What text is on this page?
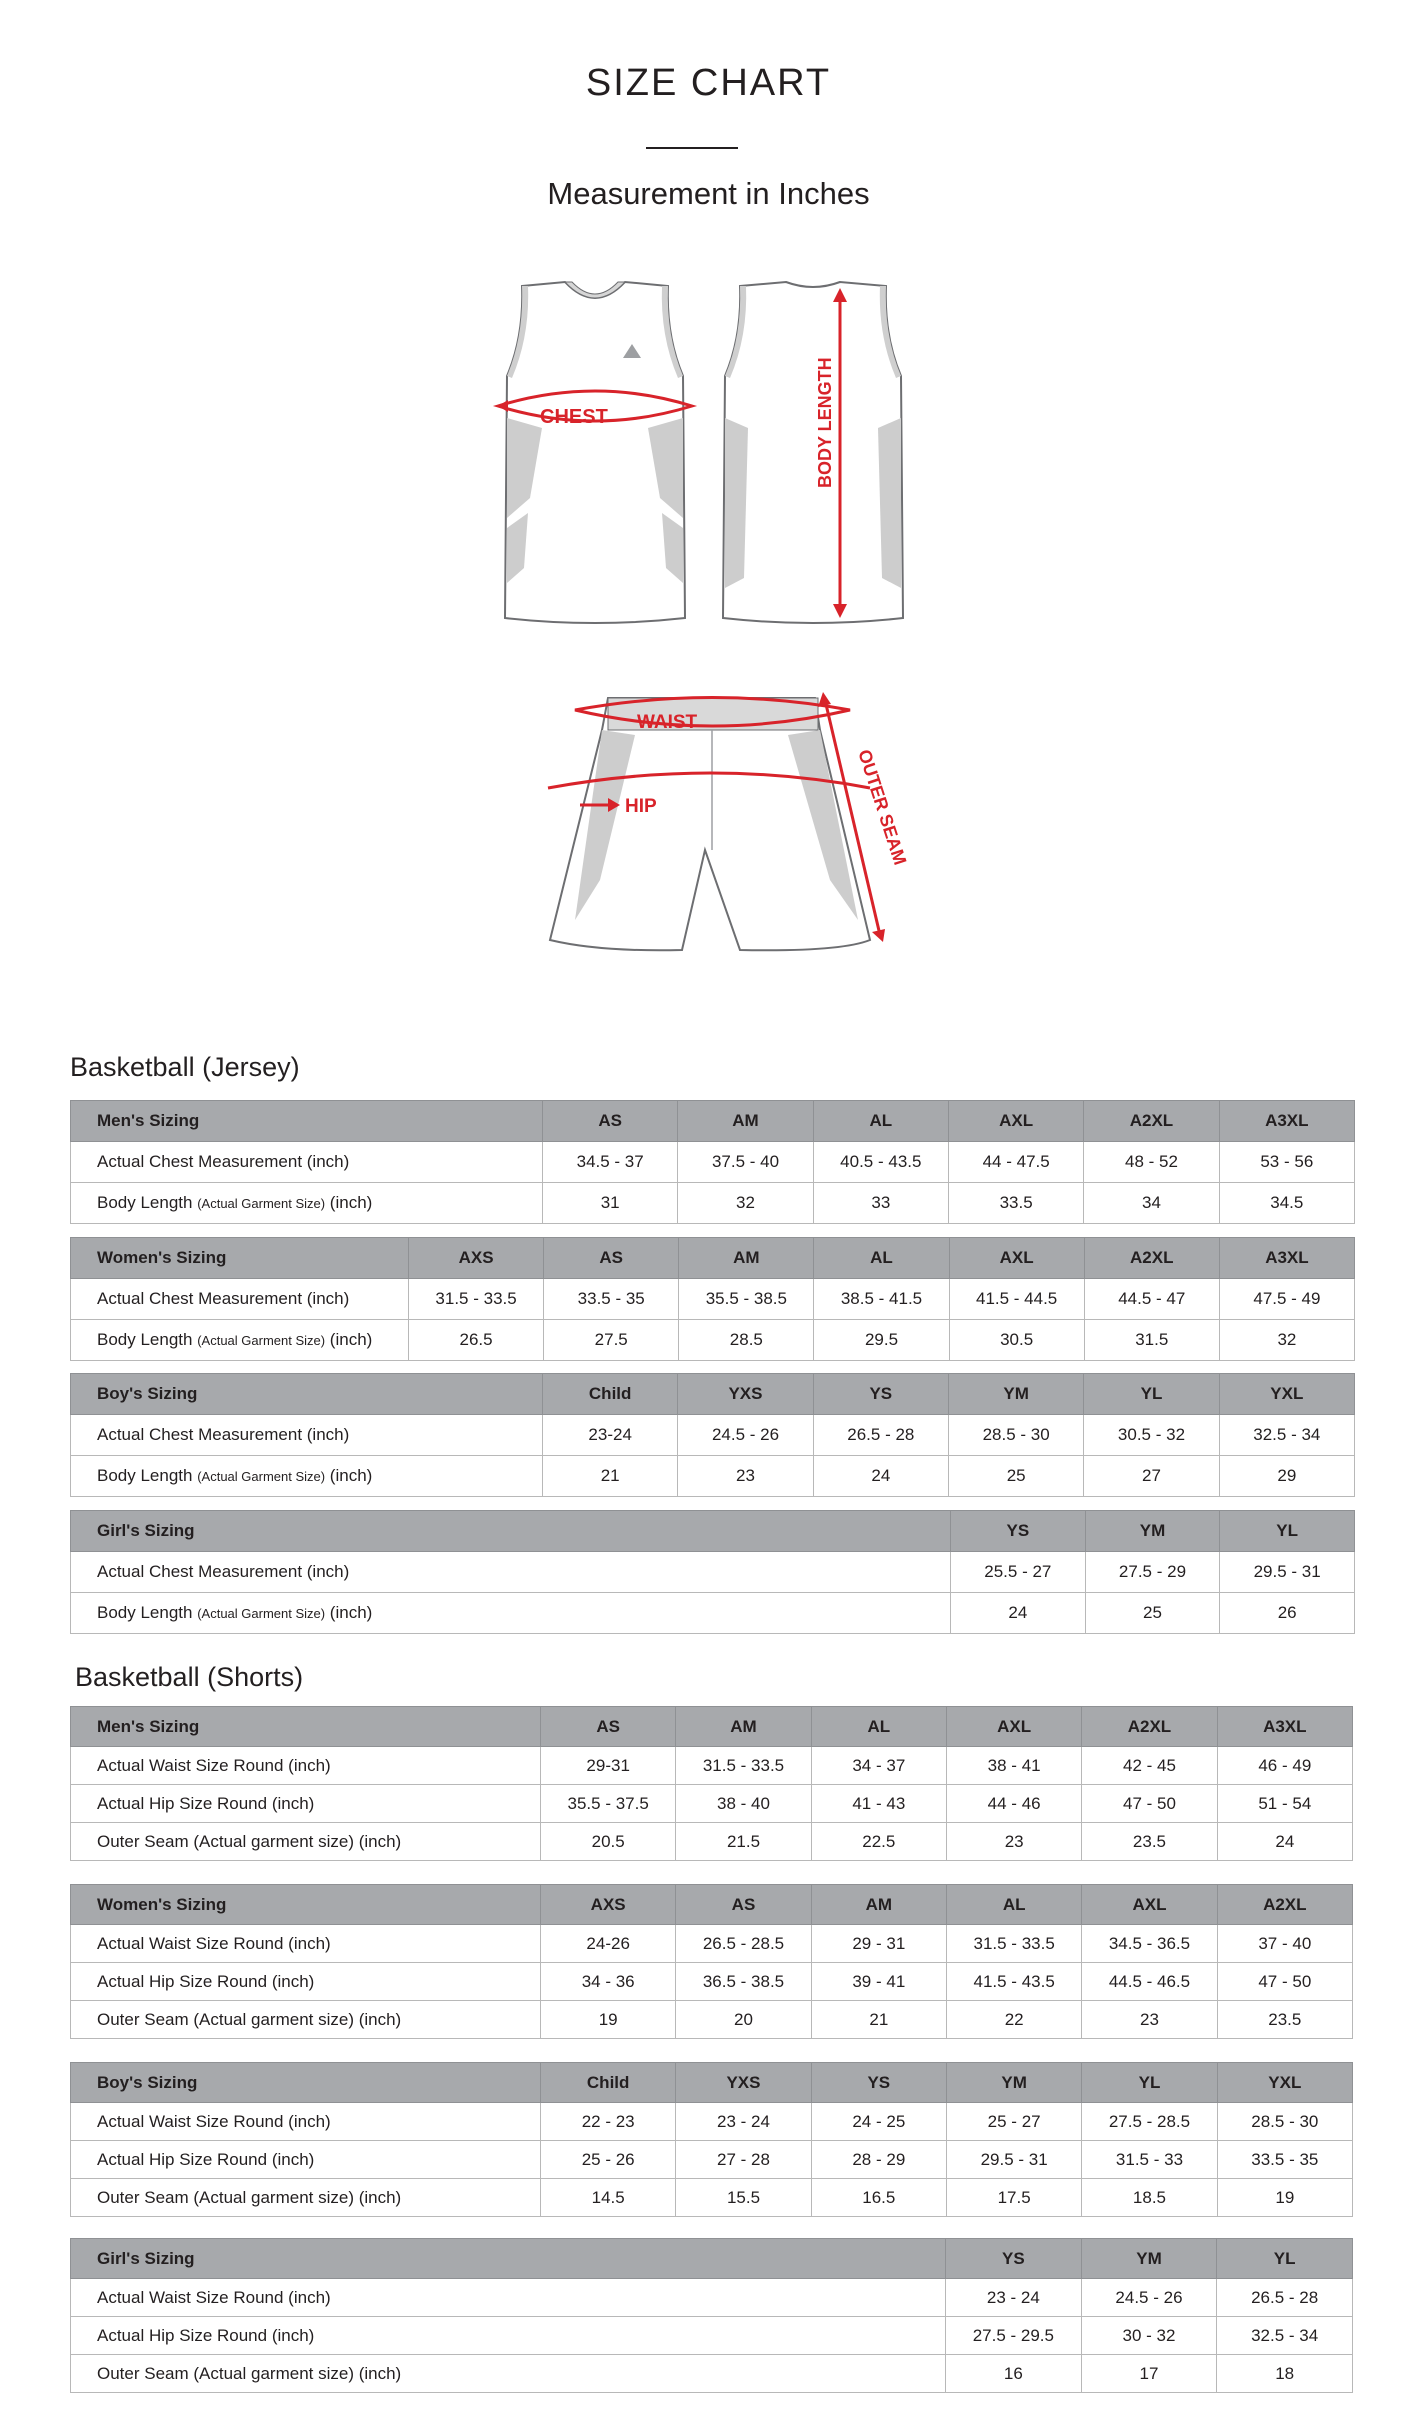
SIZE CHART
Measurement in Inches
CHEST	BODY LENGTH
WAIST
HIP	OUTER SEAM
Basketball (Jersey)
Men's Sizing	AS	AM	AL	AXL	A2XL	A3XL
Actual Chest Measurement (inch)	34.5 - 37	37.5 - 40	40.5 - 43.5	44 - 47.5	48 - 52	53 - 56
Body Length (Actual Garment Size) (inch)	31	32	33	33.5	34	34.5
Women's Sizing	AXS	AS	AM	AL	AXL	A2XL	A3XL
Actual Chest Measurement (inch)	31.5 - 33.5	33.5 - 35	35.5 - 38.5	38.5 - 41.5	41.5 - 44.5	44.5 - 47	47.5 - 49
Body Length (Actual Garment Size) (inch)	26.5	27.5	28.5	29.5	30.5	31.5	32
Boy's Sizing	Child	YXS	YS	YM	YL	YXL
Actual Chest Measurement (inch)	23-24	24.5 - 26	26.5 - 28	28.5 - 30	30.5 - 32	32.5 - 34
Body Length (Actual Garment Size) (inch)	21	23	24	25	27	29
Girl's Sizing	YS	YM	YL
Actual Chest Measurement (inch)	25.5 - 27	27.5 - 29	29.5 - 31
Body Length (Actual Garment Size) (inch)	24	25	26
Basketball (Shorts)
Men's Sizing	AS	AM	AL	AXL	A2XL	A3XL
Actual Waist Size Round (inch)	29-31	31.5 - 33.5	34 - 37	38 - 41	42 - 45	46 - 49
Actual Hip Size Round (inch)	35.5 - 37.5	38 - 40	41 - 43	44 - 46	47 - 50	51 - 54
Outer Seam (Actual garment size) (inch)	20.5	21.5	22.5	23	23.5	24
Women's Sizing	AXS	AS	AM	AL	AXL	A2XL
Actual Waist Size Round (inch)	24-26	26.5 - 28.5	29 - 31	31.5 - 33.5	34.5 - 36.5	37 - 40
Actual Hip Size Round (inch)	34 - 36	36.5 - 38.5	39 - 41	41.5 - 43.5	44.5 - 46.5	47 - 50
Outer Seam (Actual garment size) (inch)	19	20	21	22	23	23.5
Boy's Sizing	Child	YXS	YS	YM	YL	YXL
Actual Waist Size Round (inch)	22 - 23	23 - 24	24 - 25	25 - 27	27.5 - 28.5	28.5 - 30
Actual Hip Size Round (inch)	25 - 26	27 - 28	28 - 29	29.5 - 31	31.5 - 33	33.5 - 35
Outer Seam (Actual garment size) (inch)	14.5	15.5	16.5	17.5	18.5	19
Girl's Sizing	YS	YM	YL
Actual Waist Size Round (inch)	23 - 24	24.5 - 26	26.5 - 28
Actual Hip Size Round (inch)	27.5 - 29.5	30 - 32	32.5 - 34
Outer Seam (Actual garment size) (inch)	16	17	18
